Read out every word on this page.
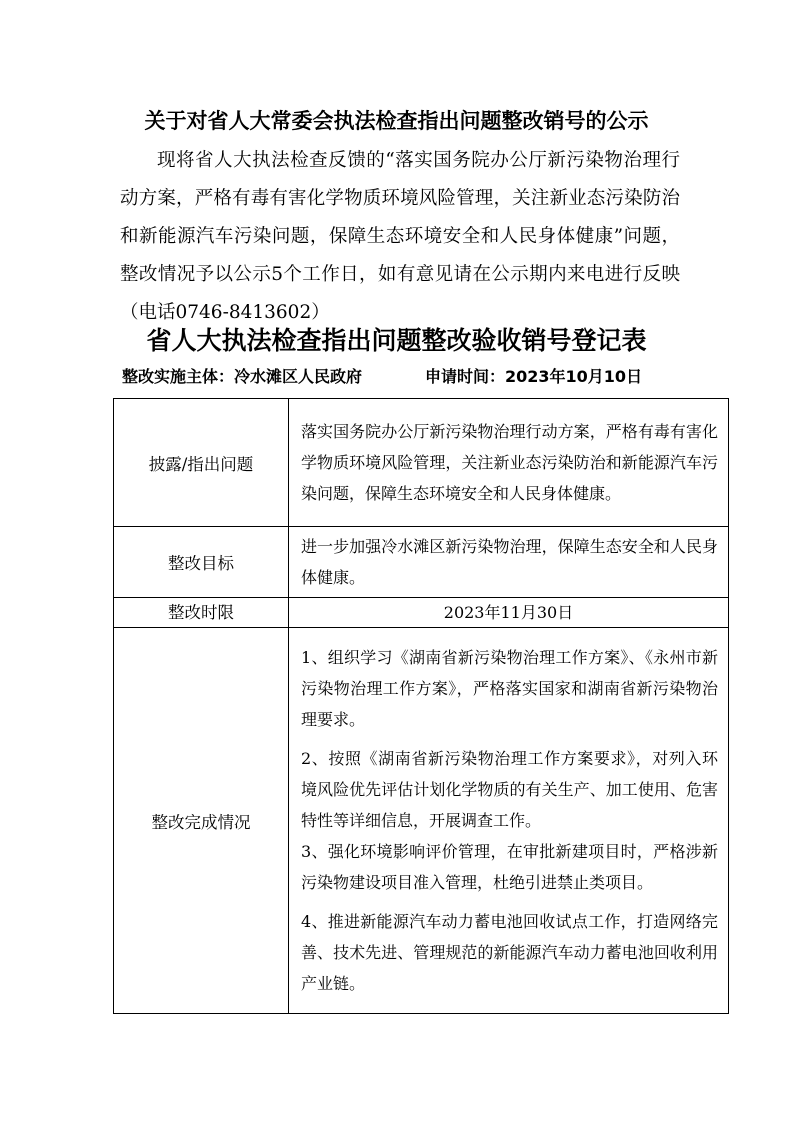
关于对省人大常委会执法检查指出问题整改销号的公示

现将省人大执法检查反馈的“落实国务院办公厅新污染物治理行动方案，严格有毒有害化学物质环境风险管理，关注新业态污染防治和新能源汽车污染问题，保障生态环境安全和人民身体健康”问题，整改情况予以公示5个工作日，如有意见请在公示期内来电进行反映（电话0746-8413602）

省人大执法检查指出问题整改验收销号登记表
整改实施主体：冷水滩区人民政府	申请时间：2023年10月10日
披露/指出问题	落实国务院办公厅新污染物治理行动方案，严格有毒有害化学物质环境风险管理，关注新业态污染防治和新能源汽车污染问题，保障生态环境安全和人民身体健康。
整改目标	进一步加强冷水滩区新污染物治理，保障生态安全和人民身体健康。
整改时限	2023年11月30日
整改完成情况	1、组织学习《湖南省新污染物治理工作方案》、《永州市新污染物治理工作方案》，严格落实国家和湖南省新污染物治理要求。

2、按照《湖南省新污染物治理工作方案要求》，对列入环境风险优先评估计划化学物质的有关生产、加工使用、危害特性等详细信息，开展调查工作。

3、强化环境影响评价管理，在审批新建项目时，严格涉新污染物建设项目准入管理，杜绝引进禁止类项目。

4、推进新能源汽车动力蓄电池回收试点工作，打造网络完善、技术先进、管理规范的新能源汽车动力蓄电池回收利用产业链。
